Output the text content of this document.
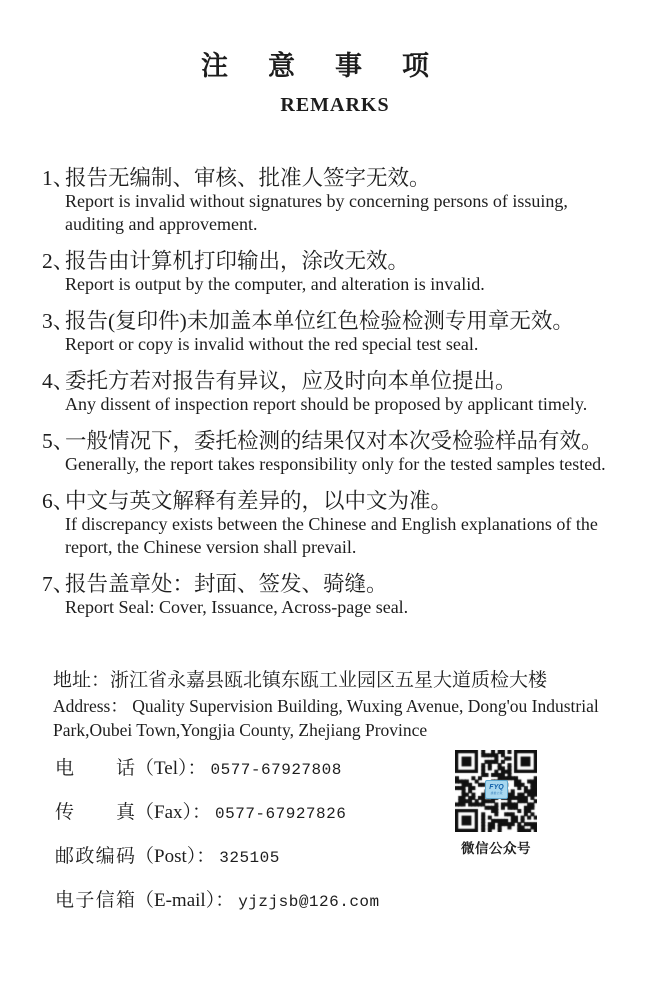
注意事项
REMARKS
1、
报告无编制、审核、批准人签字无效。
Report is invalid without signatures by concerning persons of issuing,
auditing and approvement.
2、
报告由计算机打印输出，涂改无效。
Report is output by the computer, and alteration is invalid.
3、
报告(复印件)未加盖本单位红色检验检测专用章无效。
Report or copy is invalid without the red special test seal.
4、
委托方若对报告有异议，应及时向本单位提出。
Any dissent of inspection report should be proposed by applicant timely.
5、
一般情况下，委托检测的结果仅对本次受检验样品有效。
Generally, the report takes responsibility only for the tested samples tested.
6、
中文与英文解释有差异的，以中文为准。
If discrepancy exists between the Chinese and English explanations of the
report, the Chinese version shall prevail.
7、
报告盖章处：封面、签发、骑缝。
Report Seal: Cover, Issuance, Across-page seal.
地址：浙江省永嘉县瓯北镇东瓯工业园区五星大道质检大楼
Address： Quality Supervision Building, Wuxing Avenue, Dong'ou Industrial
Park,Oubei Town,Yongjia County, Zhejiang Province
电 话 （Tel）： 0577-67927808
传 真 （Fax）： 0577-67927826
邮 政 编 码 （Post）： 325105
电 子 信 箱 （E-mail）： yjzjsb@126.com
FYQ
质检公众
微信公众号
